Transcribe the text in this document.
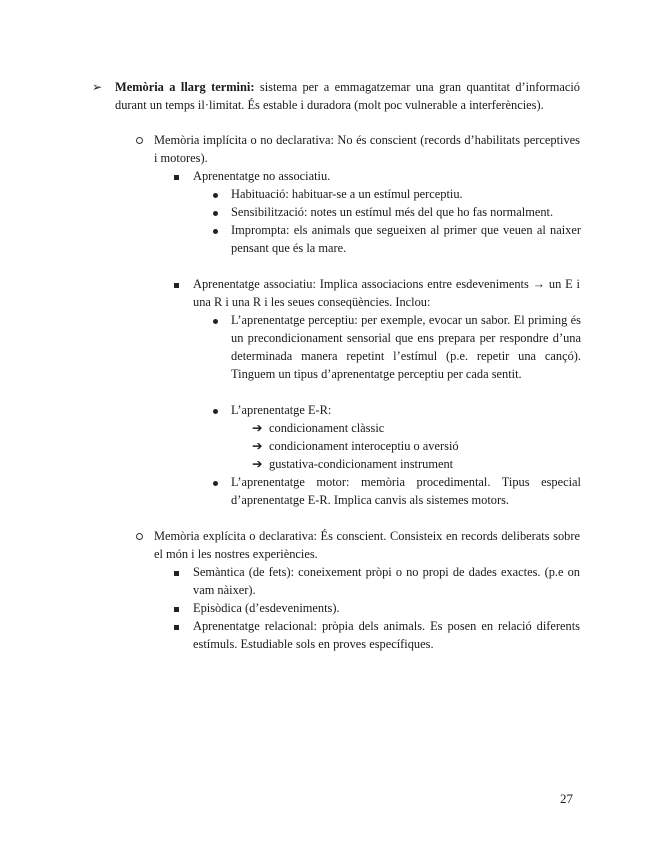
➢	Memòria a llarg termini: sistema per a emmagatzemar una gran quantitat d’informació durant un temps il·limitat. És estable i duradora (molt poc vulnerable a interferències).
Memòria implícita o no declarativa: No és conscient (records d’habilitats perceptives i motores).
Aprenentatge no associatiu.
Habituació: habituar-se a un estímul perceptiu.
Sensibilització: notes un estímul més del que ho fas normalment.
Imprompta: els animals que segueixen al primer que veuen al naixer pensant que és la mare.
Aprenentatge associatiu: Implica associacions entre esdeveniments → un E i una R i una R i les seues conseqüències. Inclou:
L’aprenentatge perceptiu: per exemple, evocar un sabor. El priming és un precondicionament sensorial que ens prepara per respondre d’una determinada manera repetint l’estímul (p.e. repetir una cançó). Tinguem un tipus d’aprenentatge perceptiu per cada sentit.
L’aprenentatge E-R:
➔ condicionament clàssic
➔ condicionament interoceptiu o aversió
➔ gustativa-condicionament instrument
L’aprenentatge motor: memòria procedimental. Tipus especial d’aprenentatge E-R. Implica canvis als sistemes motors.
Memòria explícita o declarativa: És conscient. Consisteix en records deliberats sobre el món i les nostres experiències.
Semàntica (de fets): coneixement pròpi o no propi de dades exactes. (p.e on vam nàixer).
Episòdica (d’esdeveniments).
Aprenentatge relacional: pròpia dels animals. Es posen en relació diferents estímuls. Estudiable sols en proves específiques.
27
